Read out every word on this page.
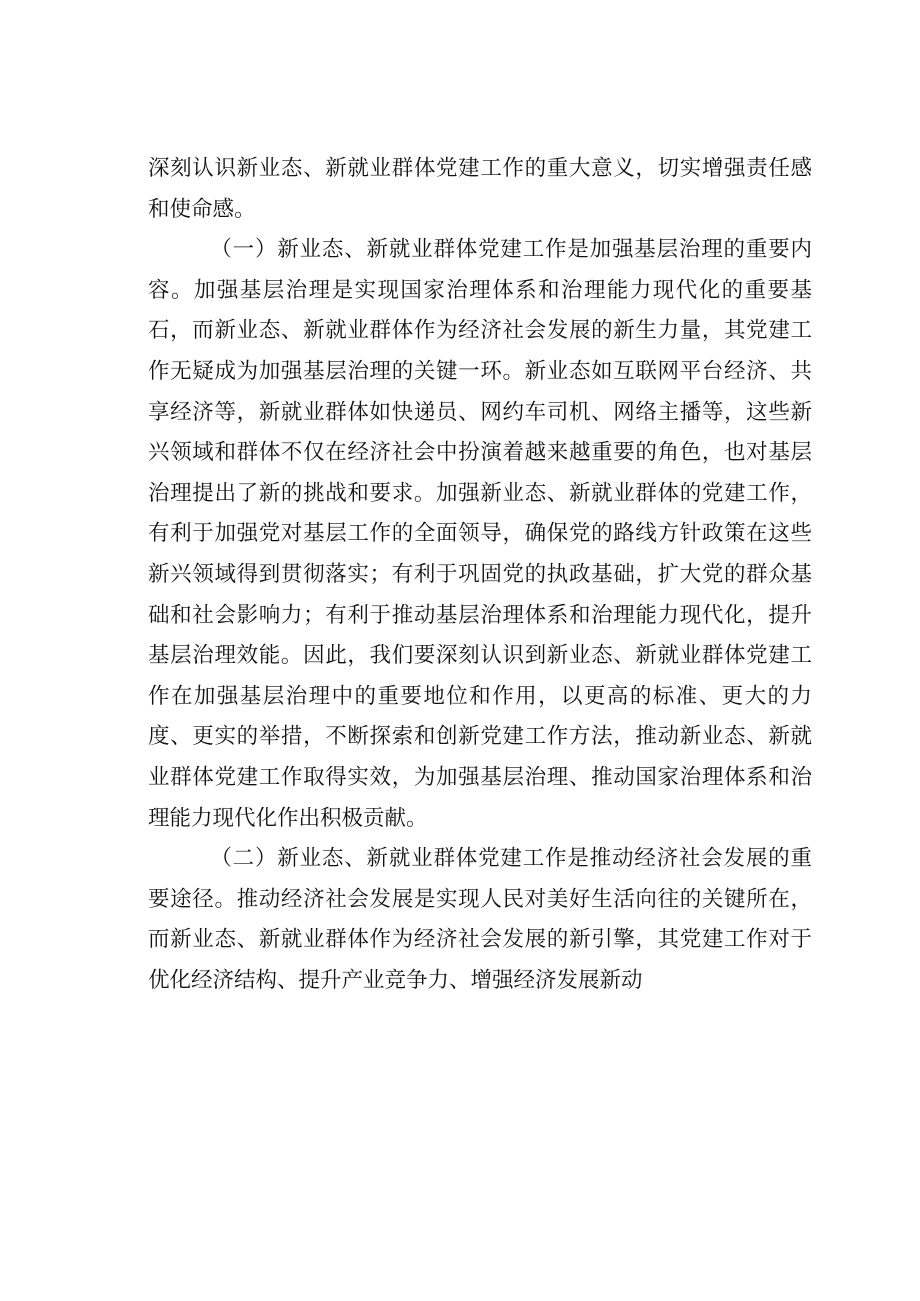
深刻认识新业态、新就业群体党建工作的重大意义，切实增强责任感和使命感。

（一）新业态、新就业群体党建工作是加强基层治理的重要内容。加强基层治理是实现国家治理体系和治理能力现代化的重要基石，而新业态、新就业群体作为经济社会发展的新生力量，其党建工作无疑成为加强基层治理的关键一环。新业态如互联网平台经济、共享经济等，新就业群体如快递员、网约车司机、网络主播等，这些新兴领域和群体不仅在经济社会中扮演着越来越重要的角色，也对基层治理提出了新的挑战和要求。加强新业态、新就业群体的党建工作，有利于加强党对基层工作的全面领导，确保党的路线方针政策在这些新兴领域得到贯彻落实；有利于巩固党的执政基础，扩大党的群众基础和社会影响力；有利于推动基层治理体系和治理能力现代化，提升基层治理效能。因此，我们要深刻认识到新业态、新就业群体党建工作在加强基层治理中的重要地位和作用，以更高的标准、更大的力度、更实的举措，不断探索和创新党建工作方法，推动新业态、新就业群体党建工作取得实效，为加强基层治理、推动国家治理体系和治理能力现代化作出积极贡献。

（二）新业态、新就业群体党建工作是推动经济社会发展的重要途径。推动经济社会发展是实现人民对美好生活向往的关键所在，而新业态、新就业群体作为经济社会发展的新引擎，其党建工作对于优化经济结构、提升产业竞争力、增强经济发展新动
